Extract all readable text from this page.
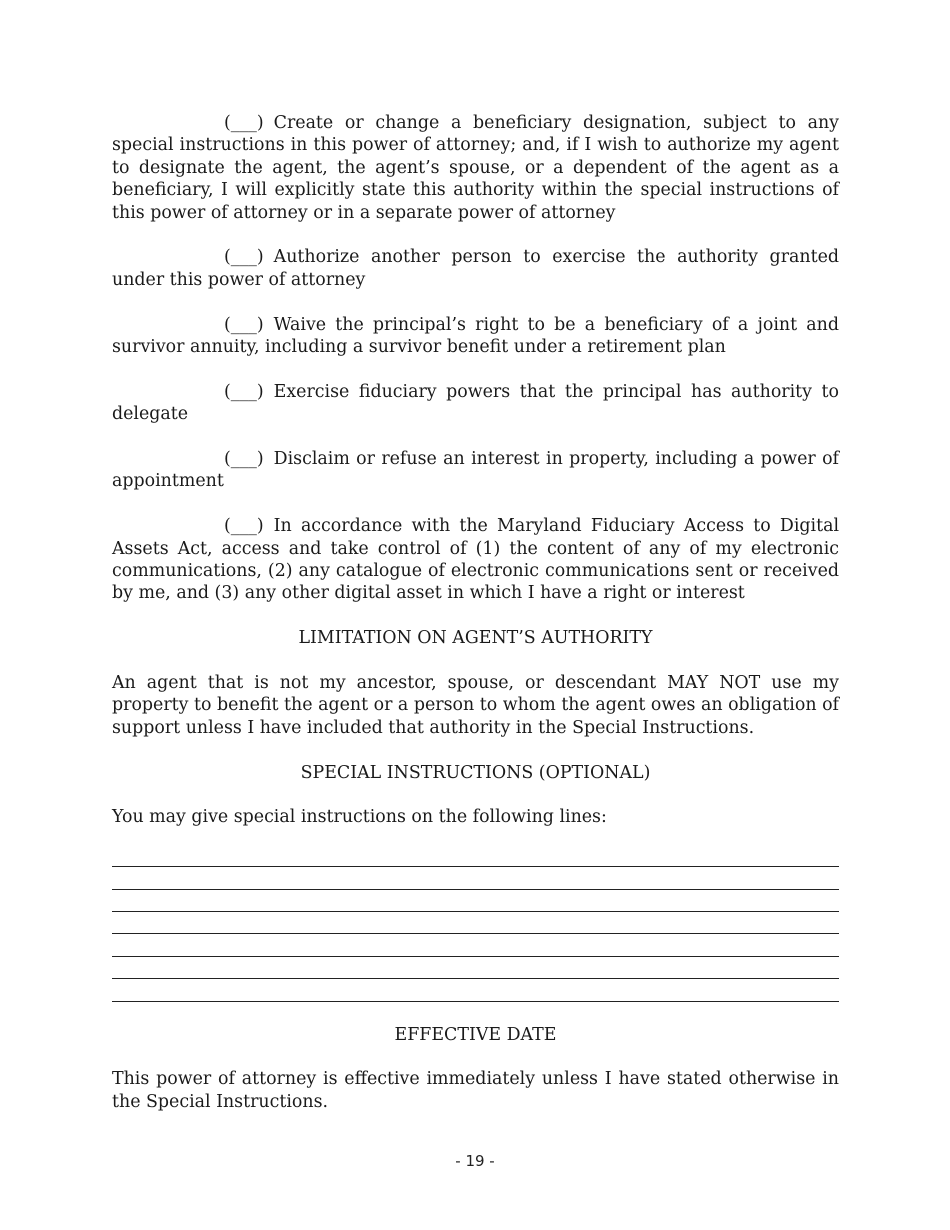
(___) Create or change a beneficiary designation, subject to any special instructions in this power of attorney; and, if I wish to authorize my agent to designate the agent, the agent’s spouse, or a dependent of the agent as a beneficiary, I will explicitly state this authority within the special instructions of this power of attorney or in a separate power of attorney

(___) Authorize another person to exercise the authority granted under this power of attorney

(___) Waive the principal’s right to be a beneficiary of a joint and survivor annuity, including a survivor benefit under a retirement plan

(___) Exercise fiduciary powers that the principal has authority to delegate

(___) Disclaim or refuse an interest in property, including a power of appointment

(___) In accordance with the Maryland Fiduciary Access to Digital Assets Act, access and take control of (1) the content of any of my electronic communications, (2) any catalogue of electronic communications sent or received by me, and (3) any other digital asset in which I have a right or interest

LIMITATION ON AGENT’S AUTHORITY

An agent that is not my ancestor, spouse, or descendant MAY NOT use my property to benefit the agent or a person to whom the agent owes an obligation of support unless I have included that authority in the Special Instructions.

SPECIAL INSTRUCTIONS (OPTIONAL)

You may give special instructions on the following lines:

EFFECTIVE DATE

This power of attorney is effective immediately unless I have stated otherwise in the Special Instructions.

- 19 -
